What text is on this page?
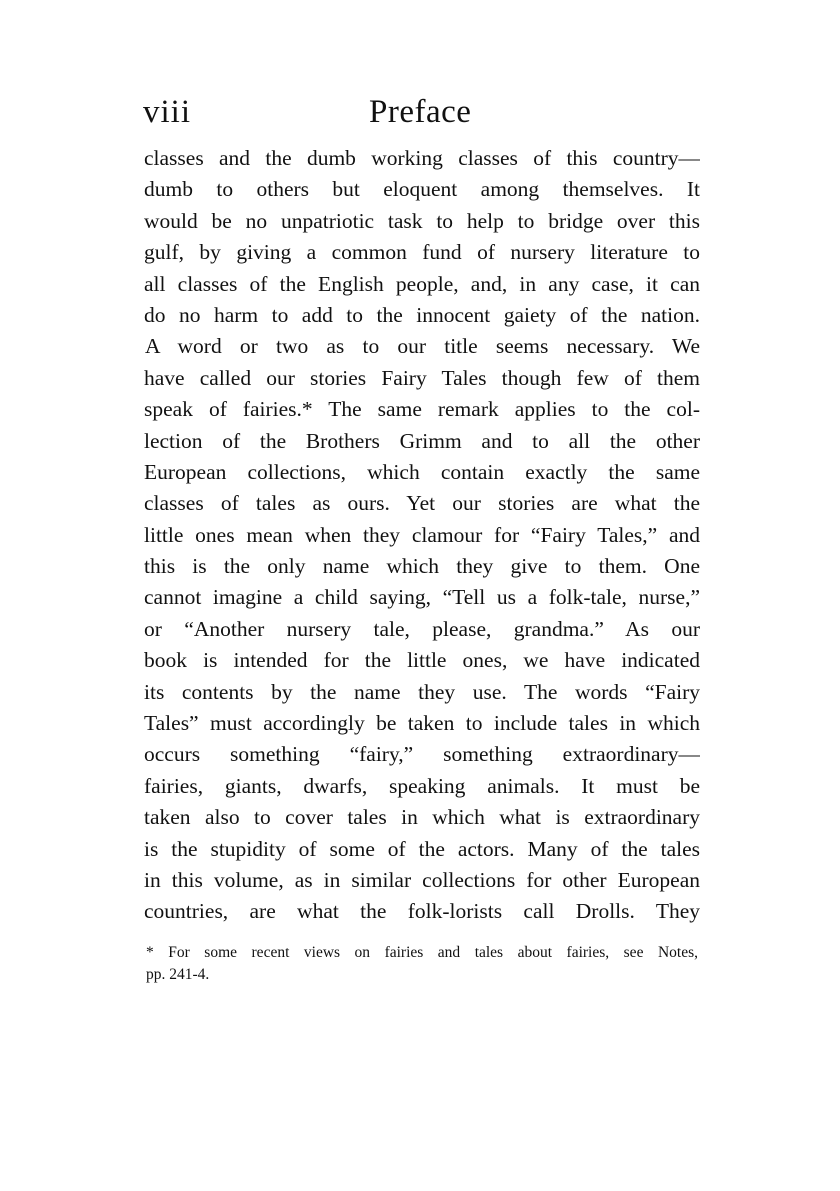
viii	Preface
classes and the dumb working classes of this country—
dumb to others but eloquent among themselves. It
would be no unpatriotic task to help to bridge over this
gulf, by giving a common fund of nursery literature to
all classes of the English people, and, in any case, it can
do no harm to add to the innocent gaiety of the nation.
A word or two as to our title seems necessary. We
have called our stories Fairy Tales though few of them
speak of fairies.* The same remark applies to the col-
lection of the Brothers Grimm and to all the other
European collections, which contain exactly the same
classes of tales as ours. Yet our stories are what the
little ones mean when they clamour for “Fairy Tales,” and
this is the only name which they give to them. One
cannot imagine a child saying, “Tell us a folk-tale, nurse,”
or “Another nursery tale, please, grandma.” As our
book is intended for the little ones, we have indicated
its contents by the name they use. The words “Fairy
Tales” must accordingly be taken to include tales in which
occurs something “fairy,” something extraordinary—
fairies, giants, dwarfs, speaking animals. It must be
taken also to cover tales in which what is extraordinary
is the stupidity of some of the actors. Many of the tales
in this volume, as in similar collections for other European
countries, are what the folk-lorists call Drolls. They
* For some recent views on fairies and tales about fairies, see Notes,
pp. 241-4.
